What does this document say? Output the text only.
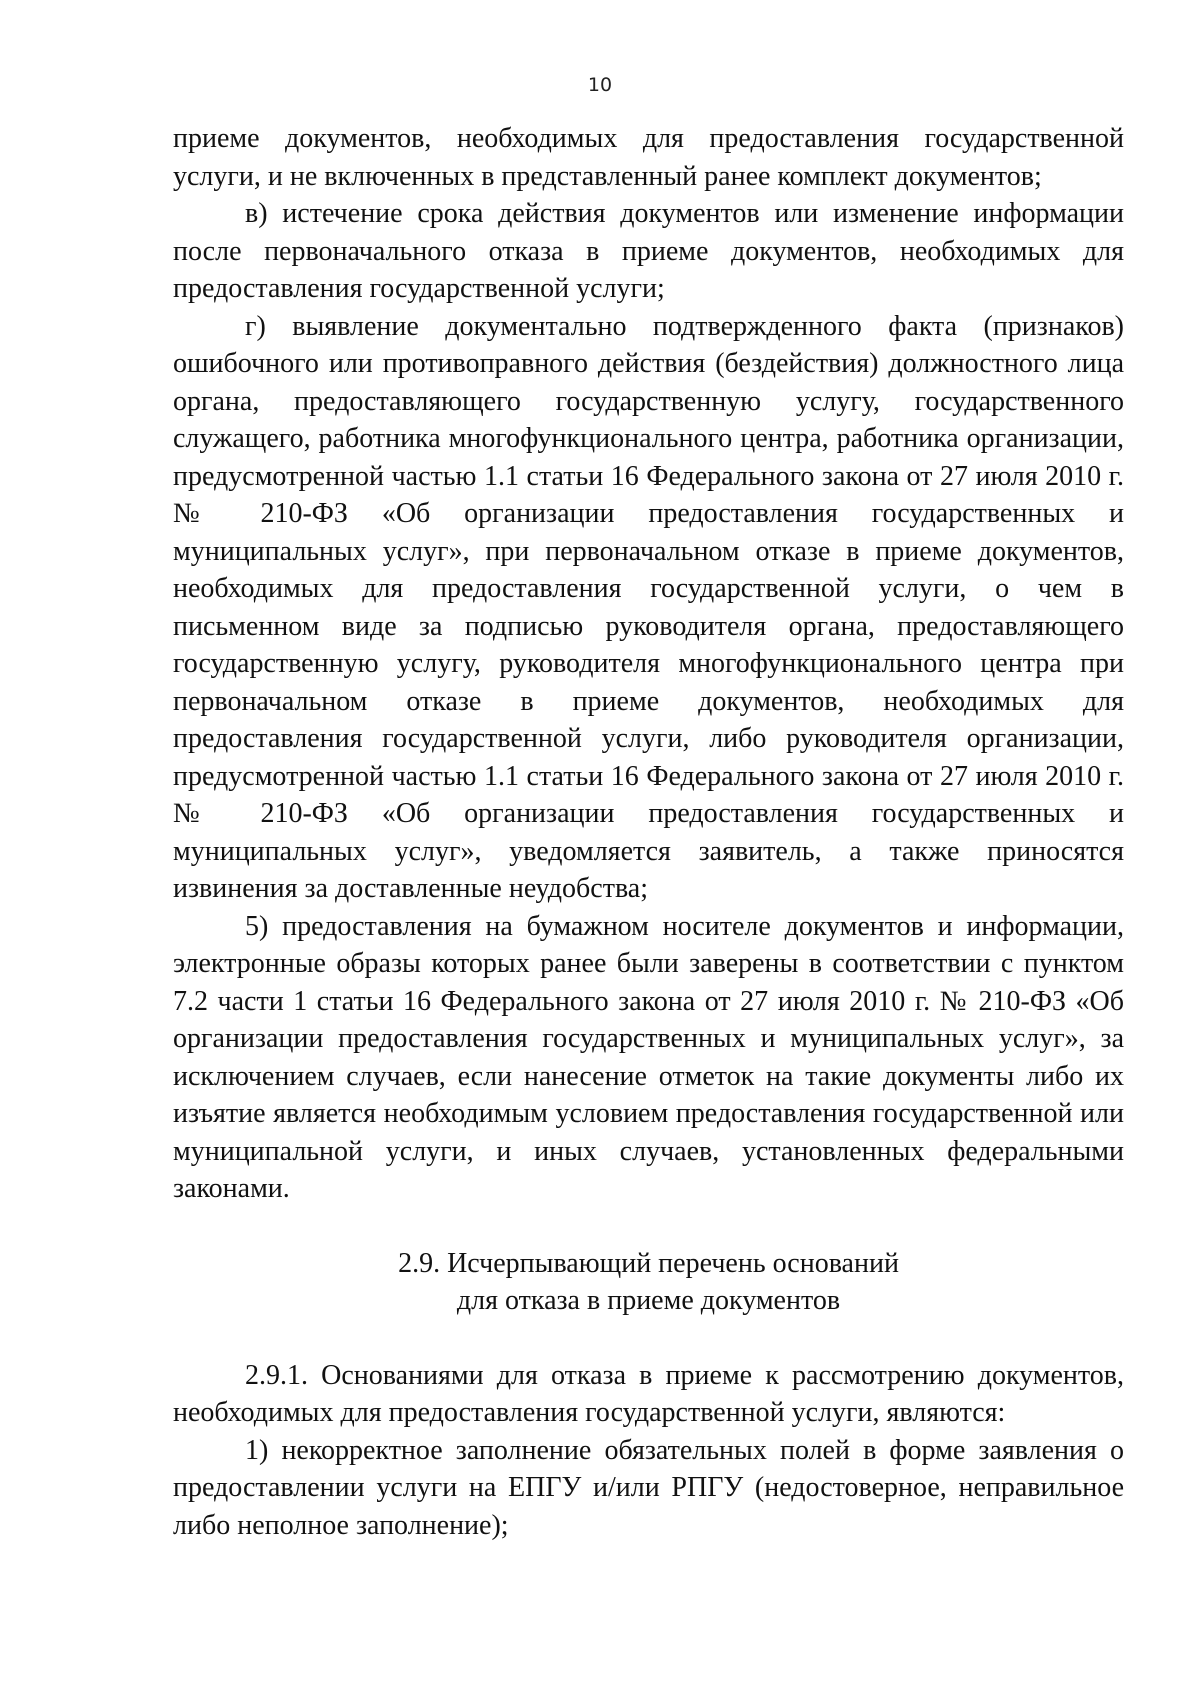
10

приеме документов, необходимых для предоставления государственной услуги, и не включенных в представленный ранее комплект документов;

в) истечение срока действия документов или изменение информации после первоначального отказа в приеме документов, необходимых для предоставления государственной услуги;

г) выявление документально подтвержденного факта (признаков) ошибочного или противоправного действия (бездействия) должностного лица органа, предоставляющего государственную услугу, государственного служащего, работника многофункционального центра, работника организации, предусмотренной частью 1.1 статьи 16 Федерального закона от 27 июля 2010 г. № 210-ФЗ «Об организации предоставления государственных и муниципальных услуг», при первоначальном отказе в приеме документов, необходимых для предоставления государственной услуги, о чем в письменном виде за подписью руководителя органа, предоставляющего государственную услугу, руководителя многофункционального центра при первоначальном отказе в приеме документов, необходимых для предоставления государственной услуги, либо руководителя организации, предусмотренной частью 1.1 статьи 16 Федерального закона от 27 июля 2010 г. № 210-ФЗ «Об организации предоставления государственных и муниципальных услуг», уведомляется заявитель, а также приносятся извинения за доставленные неудобства;

5) предоставления на бумажном носителе документов и информации, электронные образы которых ранее были заверены в соответствии с пунктом 7.2 части 1 статьи 16 Федерального закона от 27 июля 2010 г. № 210-ФЗ «Об организации предоставления государственных и муниципальных услуг», за исключением случаев, если нанесение отметок на такие документы либо их изъятие является необходимым условием предоставления государственной или муниципальной услуги, и иных случаев, установленных федеральными законами.

2.9. Исчерпывающий перечень оснований
для отказа в приеме документов

2.9.1. Основаниями для отказа в приеме к рассмотрению документов, необходимых для предоставления государственной услуги, являются:

1) некорректное заполнение обязательных полей в форме заявления о предоставлении услуги на ЕПГУ и/или РПГУ (недостоверное, неправильное либо неполное заполнение);
